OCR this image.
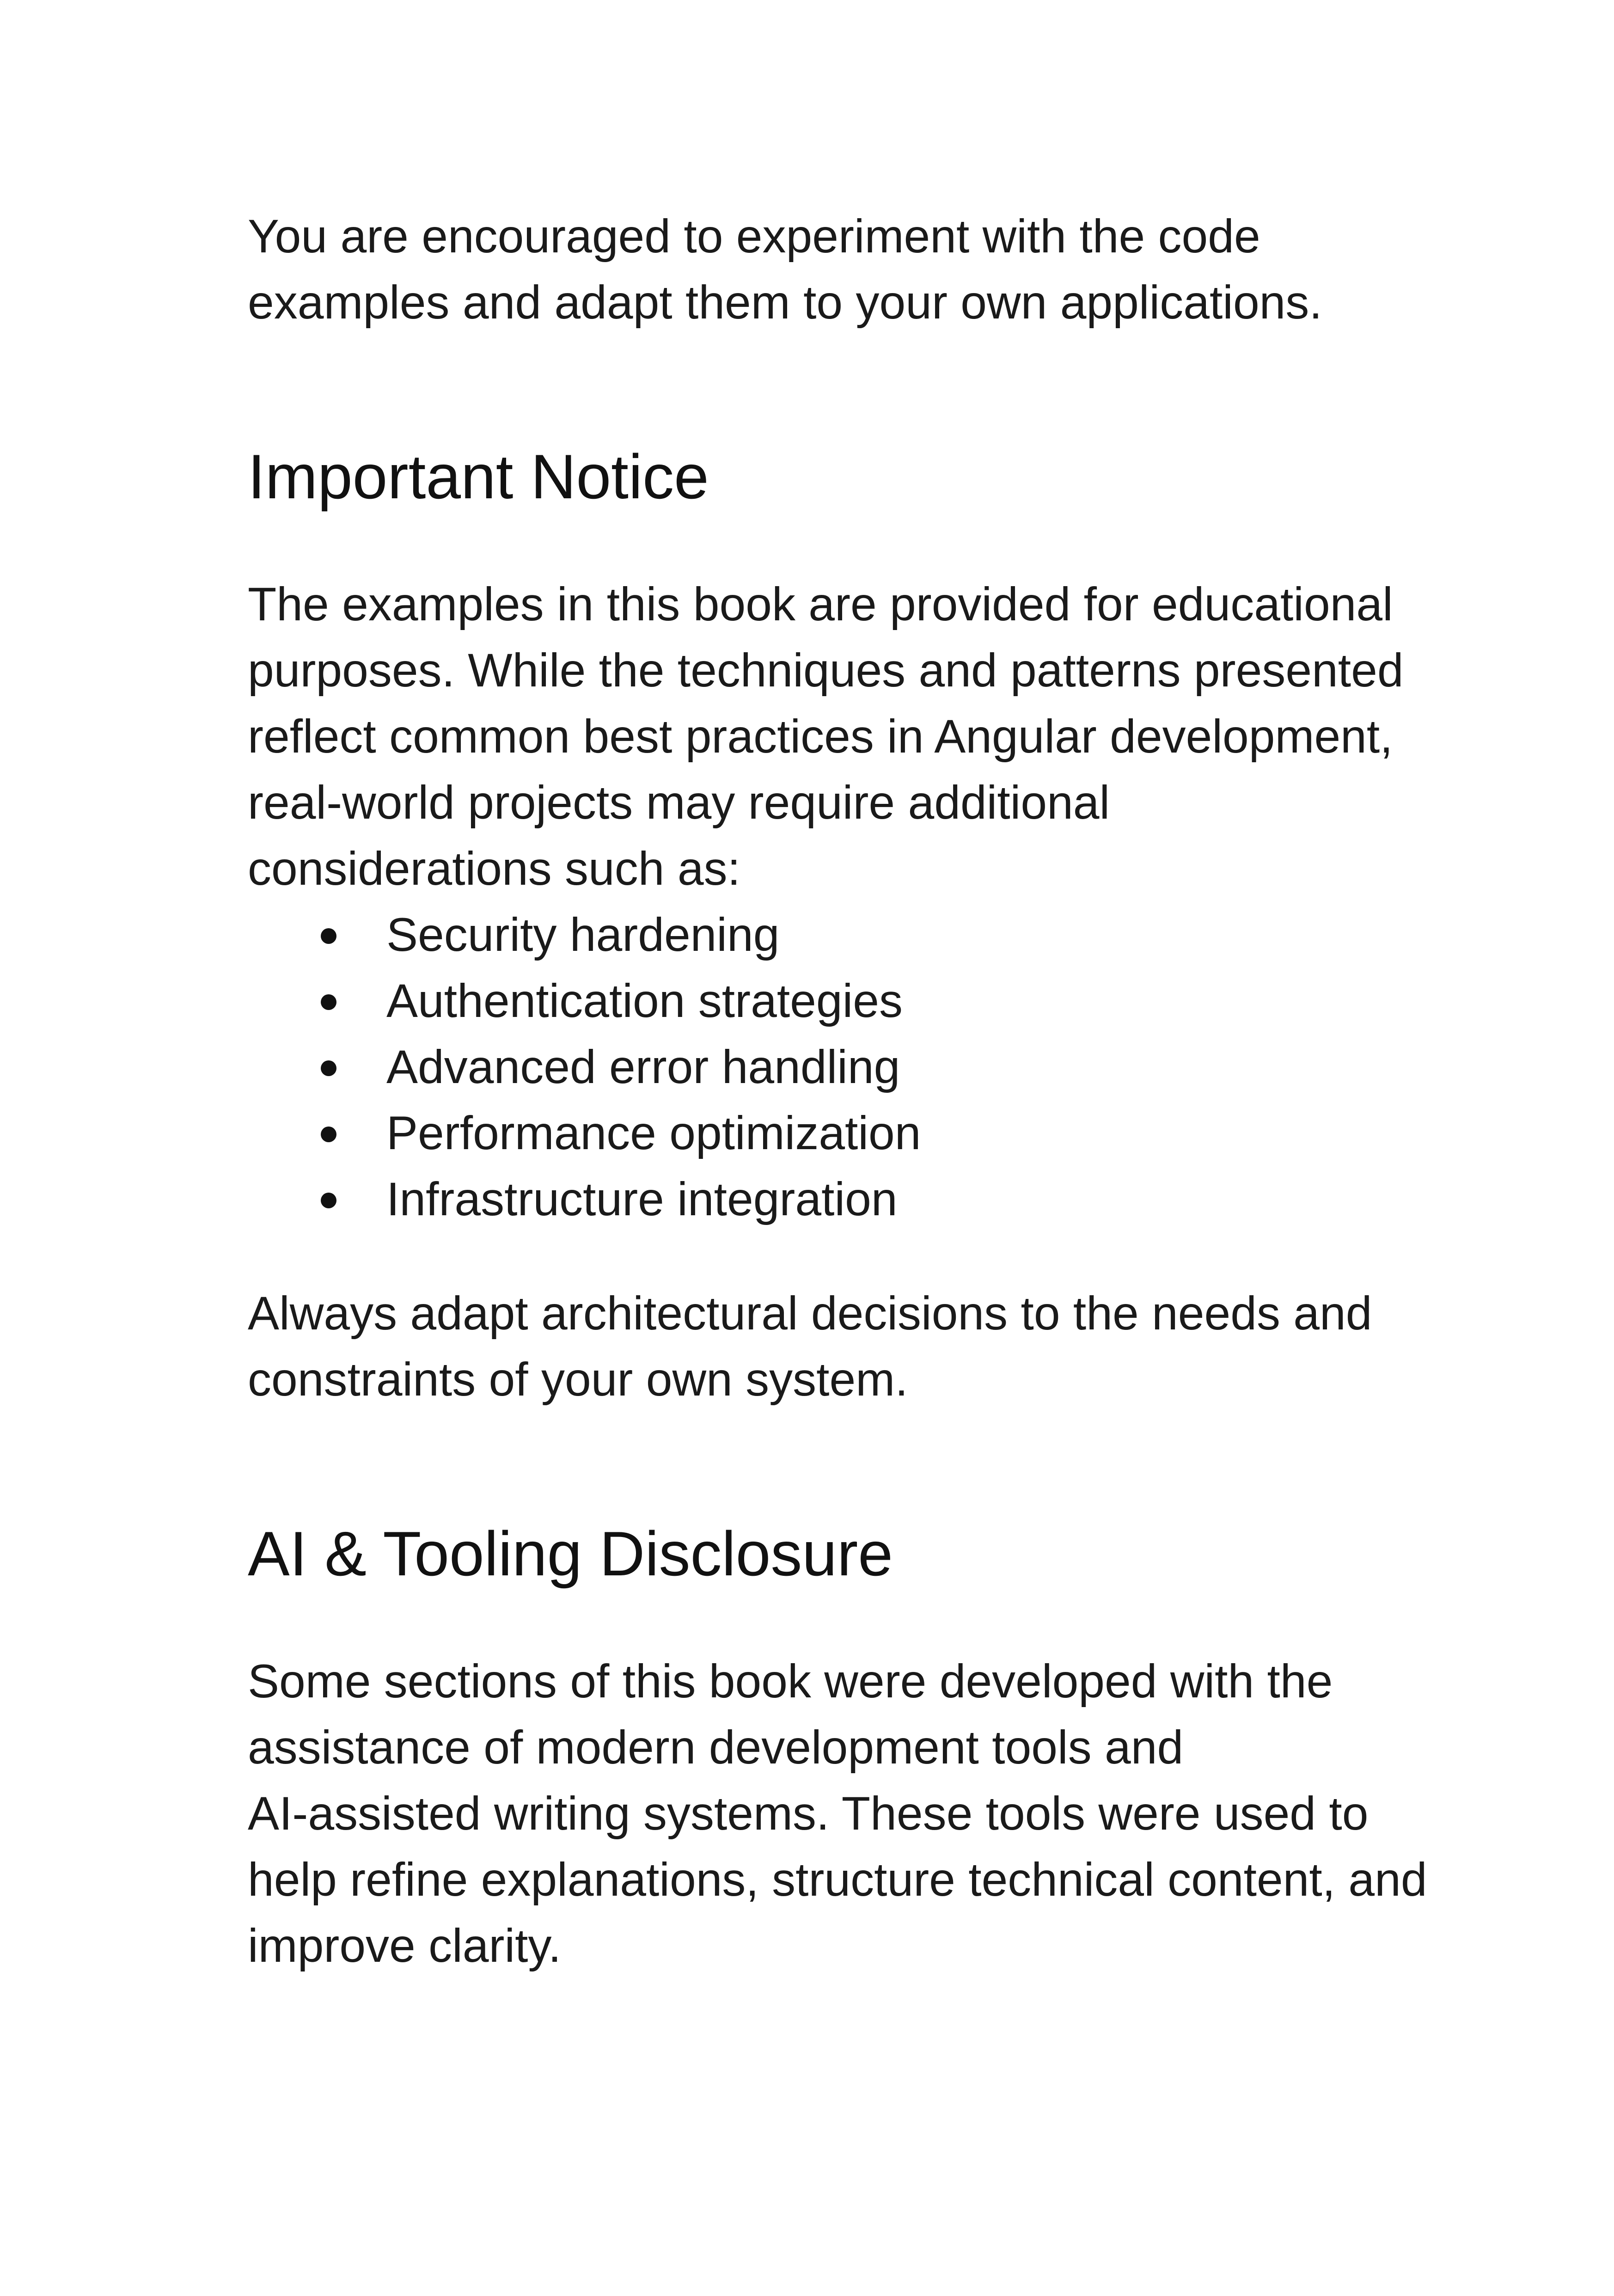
You are encouraged to experiment with the code
examples and adapt them to your own applications.

Important Notice

The examples in this book are provided for educational
purposes. While the techniques and patterns presented
reflect common best practices in Angular development,
real-world projects may require additional
considerations such as:

Security hardening
Authentication strategies
Advanced error handling
Performance optimization
Infrastructure integration

Always adapt architectural decisions to the needs and
constraints of your own system.

AI & Tooling Disclosure

Some sections of this book were developed with the
assistance of modern development tools and
AI-assisted writing systems. These tools were used to
help refine explanations, structure technical content, and
improve clarity.
